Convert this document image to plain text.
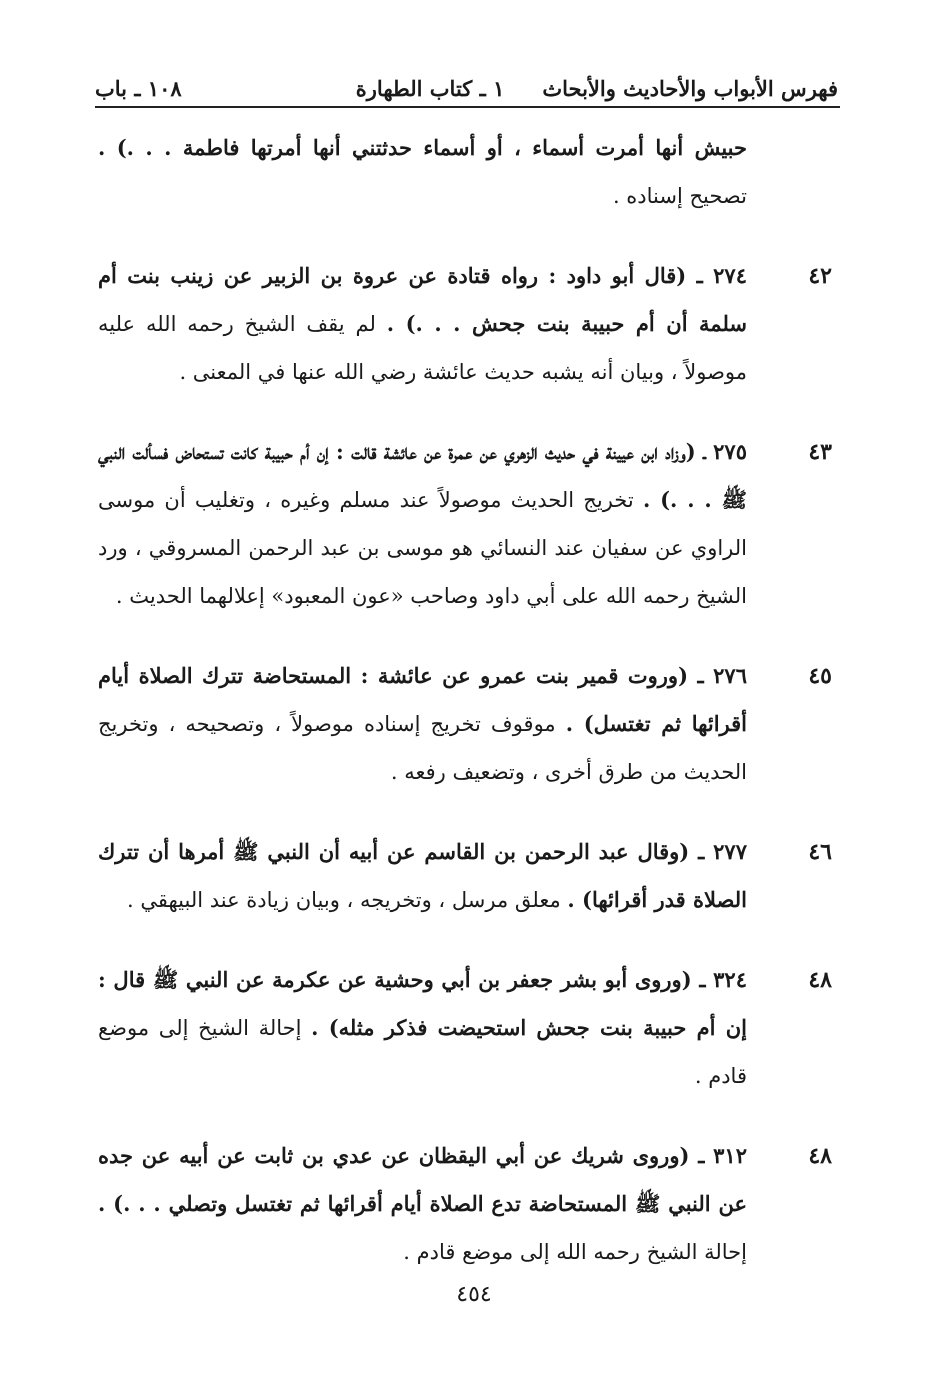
فهرس الأبواب والأحاديث والأبحاث١ ـ كتاب الطهارة
١٠٨ ـ باب
حبيش أنها أمرت أسماء ، أو أسماء حدثتني أنها أمرتها فاطمة . . .) . تصحيح إسناده .
٤٢
٢٧٤ ـ (قال أبو داود : رواه قتادة عن عروة بن الزبير عن زينب بنت أم سلمة أن أم حبيبة بنت جحش . . .) . لم يقف الشيخ رحمه الله عليه موصولاً ، وبيان أنه يشبه حديث عائشة رضي الله عنها في المعنى .
٤٣
٢٧٥ ـ (وزاد ابن عيينة في حديث الزهري عن عمرة عن عائشة قالت : إن أم حبيبة كانت تستحاض فسألت النبي ﷺ . . .) . تخريج الحديث موصولاً عند مسلم وغيره ، وتغليب أن موسى الراوي عن سفيان عند النسائي هو موسى بن عبد الرحمن المسروقي ، ورد الشيخ رحمه الله على أبي داود وصاحب «عون المعبود» إعلالهما الحديث .
٤٥
٢٧٦ ـ (وروت قمير بنت عمرو عن عائشة : المستحاضة تترك الصلاة أيام أقرائها ثم تغتسل) . موقوف تخريج إسناده موصولاً ، وتصحيحه ، وتخريج الحديث من طرق أخرى ، وتضعيف رفعه .
٤٦
٢٧٧ ـ (وقال عبد الرحمن بن القاسم عن أبيه أن النبي ﷺ أمرها أن تترك الصلاة قدر أقرائها) . معلق مرسل ، وتخريجه ، وبيان زيادة عند البيهقي .
٤٨
٣٢٤ ـ (وروى أبو بشر جعفر بن أبي وحشية عن عكرمة عن النبي ﷺ قال : إن أم حبيبة بنت جحش استحيضت فذكر مثله) . إحالة الشيخ إلى موضع قادم .
٤٨
٣١٢ ـ (وروى شريك عن أبي اليقظان عن عدي بن ثابت عن أبيه عن جده عن النبي ﷺ المستحاضة تدع الصلاة أيام أقرائها ثم تغتسل وتصلي . . .) . إحالة الشيخ رحمه الله إلى موضع قادم .
٤٥٤
